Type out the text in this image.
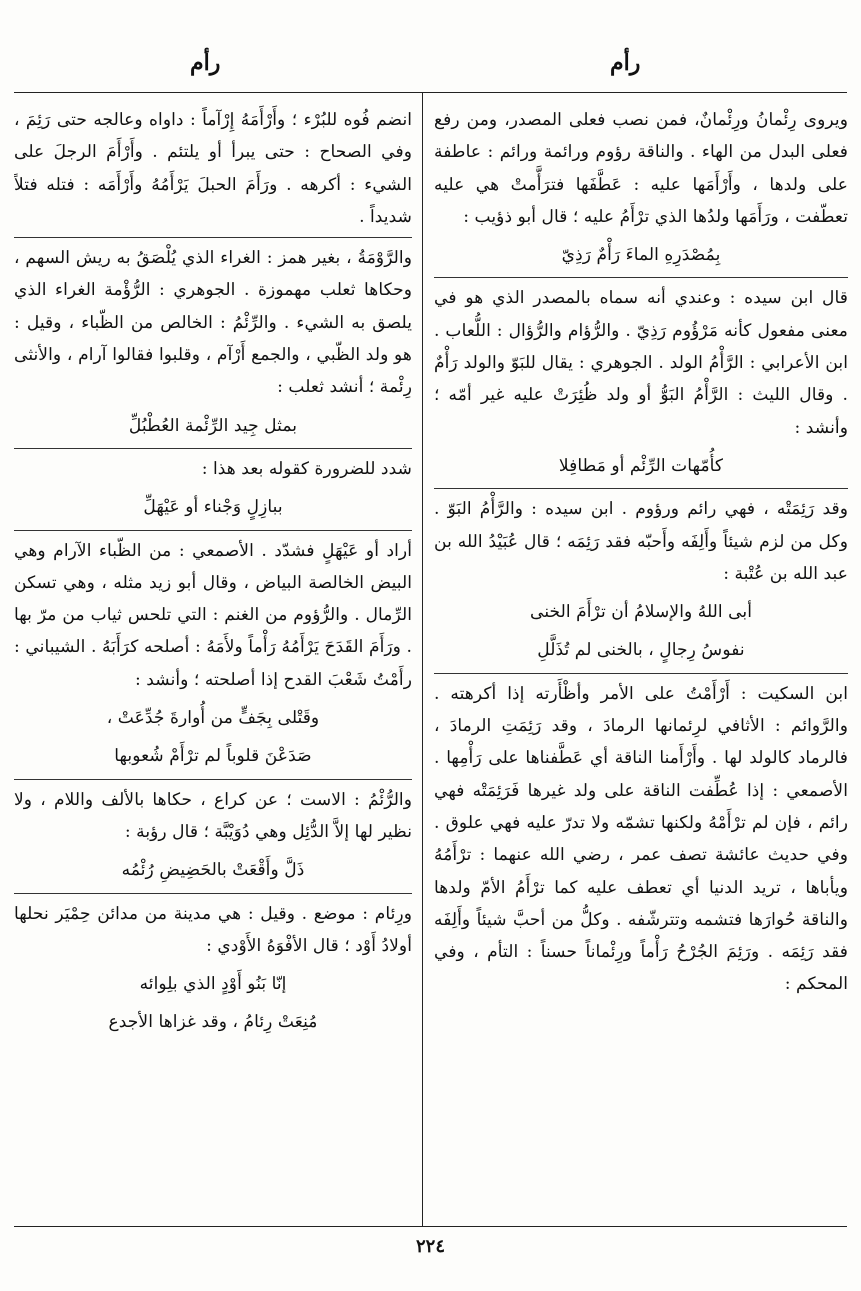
رأم
رأم

ويروى رِئْمانُ ورِئْمانٌ، فمن نصب فعلى المصدر، ومن رفع فعلى البدل من الهاء . والناقة رؤوم ورائمة ورائم : عاطفة على ولدها ، وأَرْأَمَها عليه : عَطَّفَها فترَأَّمتْ هي عليه تعطّفت ، ورَأَمَها ولدُها الذي ترْأَمُ عليه ؛ قال أبو ذؤيب :

بِمُصْدَرِهِ الماءَ رَأْمٌ رَذِيّ

قال ابن سيده : وعندي أنه سماه بالمصدر الذي هو في معنى مفعول كأنه مَرْؤُوم رَذِيّ . والرُّؤام والرُّؤال : اللُّعاب . ابن الأعرابي : الرَّأْمُ الولد . الجوهري : يقال للبَوّ والولد رَأْمٌ . وقال الليث : الرَّأْمُ البَوُّ أو ولد ظُئِرَتْ عليه غير أمّه ؛ وأنشد :

كأُمّهات الرِّئْم أو مَطافِلا

وقد رَئِمَتْه ، فهي رائم ورؤوم . ابن سيده : والرَّأْمُ البَوّ . وكل من لزم شيئاً وأَلِفَه وأَحبّه فقد رَئِمَه ؛ قال عُبَيْدُ الله بن عبد الله بن عُتْبة :

أبى اللهُ والإسلامُ أن ترْأَمَ الخنى

نفوسُ رِجالٍ ، بالخنى لم تُذَلَّلِ

ابن السكيت : أَرْأَمْتُ على الأمر وأظْأَرته إذا أكرهته . والرَّوائم : الأثافي لرِئمانها الرمادَ ، وقد رَئِمَتِ الرمادَ ، فالرماد كالولد لها . وأَرْأَمنا الناقة أي عَطَّفناها على رَأْمِها . الأصمعي : إذا عُطِّفت الناقة على ولد غيرها فَرَئِمَتْه فهي رائم ، فإن لم ترْأَمْهُ ولكنها تشمّه ولا تدرّ عليه فهي علوق . وفي حديث عائشة تصف عمر ، رضي الله عنهما : ترْأَمُهُ ويأباها ، تريد الدنيا أي تعطف عليه كما ترْأَمُ الأمّ ولدها والناقة حُوارَها فتشمه وتترشّفه . وكلُّ من أحبَّ شيئاً وأَلِفَه فقد رَئِمَه . ورَئِمَ الجُرْحُ رَأْماً ورِئْماناً حسناً : التأم ، وفي المحكم :

انضم فُوه للبُرْء ؛ وأَرْأَمَهُ إِرْآماً : داواه وعالجه حتى رَئِمَ ، وفي الصحاح : حتى يبرأ أو يلتئم . وأَرْأَمَ الرجلَ على الشيء : أكرهه . ورَأَمَ الحبلَ يَرْأَمُهُ وأَرْأَمَه : فتله فتلاً شديداً .

والرَّوْمَةُ ، بغير همز : الغراء الذي يُلْصَقُ به ريش السهم ، وحكاها ثعلب مهموزة . الجوهري : الرُّؤْمة الغراء الذي يلصق به الشيء . والرِّئْمُ : الخالص من الظّباء ، وقيل : هو ولد الظّبي ، والجمع أَرْآم ، وقلبوا فقالوا آرام ، والأنثى رِئْمة ؛ أنشد ثعلب :

بمثل جِيد الرِّئْمة العُطْبُلِّ

شدد للضرورة كقوله بعد هذا :

ببازِلٍ وَجْناء أو عَيْهَلِّ

أراد أو عَيْهَلٍ فشدّد . الأصمعي : من الظّباء الآرام وهي البيض الخالصة البياض ، وقال أبو زيد مثله ، وهي تسكن الرِّمال . والرُّؤوم من الغنم : التي تلحس ثياب من مرّ بها . ورَأَمَ القَدَحَ يَرْأَمُهُ رَأْماً ولأَمَهُ : أصلحه كرَأَبَهُ . الشيباني : رأَمْتُ شَعْبَ القدح إذا أصلحته ؛ وأنشد :

وقَتْلى بِجَفٍّ من أُوارةَ جُدِّعَتْ ،

صَدَعْنَ قلوباً لم ترْأَمْ شُعوبها

والرُّئْمُ : الاست ؛ عن كراع ، حكاها بالألف واللام ، ولا نظير لها إلاَّ الدُّئِل وهي دُوَيْبَّة ؛ قال رؤبة :

ذَلَّ وأَقْعَتْ بالحَضِيضِ رُئْمُه

ورِئام : موضع . وقيل : هي مدينة من مدائن حِمْيَر نحلها أولادُ أَوْد ؛ قال الأفْوَهُ الأَوْدي :

إنّا بَنُو أَوْدٍ الذي بلِوائه

مُنِعَتْ رِئامُ ، وقد غزاها الأجدع

٢٢٤
